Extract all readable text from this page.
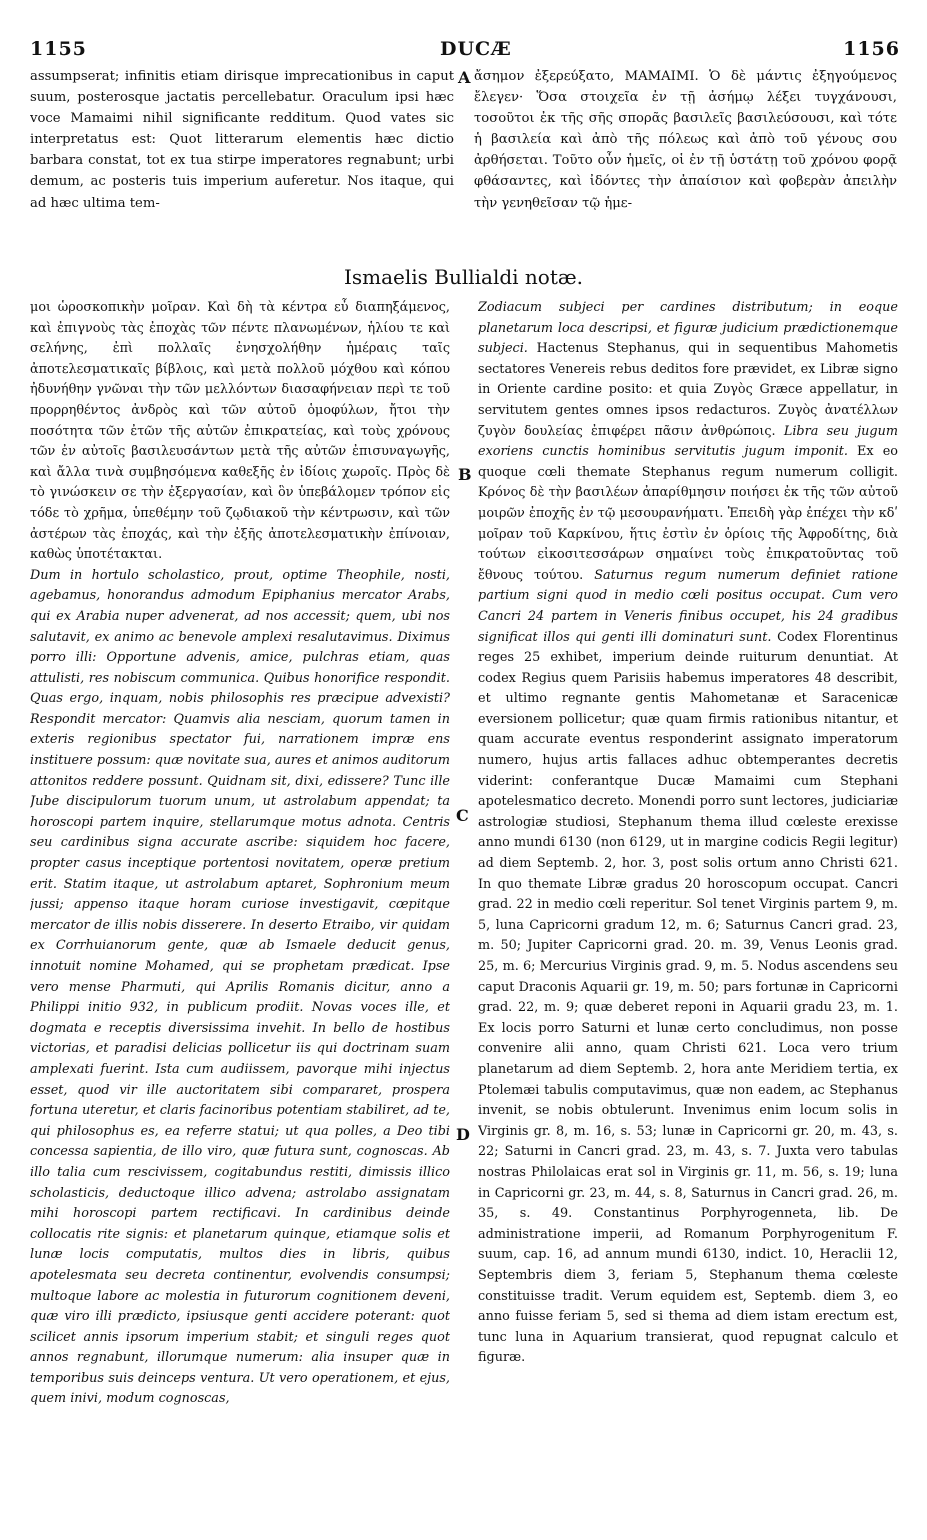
1155	DUCÆ	1156

assumpserat; infinitis etiam dirisque imprecationibus in caput suum, posterosque jactatis percellebatur. Oraculum ipsi hæc voce Mamaimi nihil significante redditum. Quod vates sic interpretatus est: Quot litterarum elementis hæc dictio barbara constat, tot ex tua stirpe imperatores regnabunt; urbi demum, ac posteris tuis imperium auferetur. Nos itaque, qui ad hæc ultima tem-

A ἄσημον ἐξερεύξατο, ΜΑΜΑΙΜΙ. Ὁ δὲ μάντις ἐξηγούμενος ἔλεγεν· Ὅσα στοιχεῖα ἐν τῇ ἀσήμῳ λέξει τυγχάνουσι, τοσοῦτοι ἐκ τῆς σῆς σπορᾶς βασιλεῖς βασιλεύσουσι, καὶ τότε ἡ βασιλεία καὶ ἀπὸ τῆς πόλεως καὶ ἀπὸ τοῦ γένους σου ἀρθήσεται. Τοῦτο οὖν ἡμεῖς, οἱ ἐν τῇ ὑστάτῃ τοῦ χρόνου φορᾷ φθάσαντες, καὶ ἰδόντες τὴν ἀπαίσιον καὶ φοβερὰν ἀπειλὴν τὴν γενηθεῖσαν τῷ ἡμε-

Ismaelis Bullialdi notæ.

μοι ὡροσκοπικὴν μοῖραν. Καὶ δὴ τὰ κέντρα εὖ διαπηξάμενος, καὶ ἐπιγνοὺς τὰς ἐποχὰς τῶν πέντε πλανωμένων, ἡλίου τε καὶ σελήνης, ἐπὶ πολλαῖς ἐνησχολήθην ἡμέραις ταῖς ἀποτελεσματικαῖς βίβλοις, καὶ μετὰ πολλοῦ μόχθου καὶ κόπου ἠδυνήθην γνῶναι τὴν τῶν μελλόντων διασαφήνειαν περὶ τε τοῦ προρρηθέντος ἀνδρὸς καὶ τῶν αὐτοῦ ὁμοφύλων, ἤτοι τὴν ποσότητα τῶν ἐτῶν τῆς αὐτῶν ἐπικρατείας, καὶ τοὺς χρόνους τῶν ἐν αὐτοῖς βασιλευσάντων μετὰ τῆς αὐτῶν ἐπισυναγωγῆς, καὶ ἄλλα τινὰ συμβησόμενα καθεξῆς ἐν ἰδίοις χωροῖς. Πρὸς δὲ τὸ γινώσκειν σε τὴν ἐξεργασίαν, καὶ ὃν ὑπεβάλομεν τρόπον εἰς τόδε τὸ χρῆμα, ὑπεθέμην τοῦ ζῳδιακοῦ τὴν κέντρωσιν, καὶ τῶν ἀστέρων τὰς ἐποχάς, καὶ τὴν ἐξῆς ἀποτελεσματικὴν ἐπίνοιαν, καθὼς ὑποτέτακται.

Dum in hortulo scholastico, prout, optime Theophile, nosti, agebamus, honorandus admodum Epiphanius mercator Arabs, qui ex Arabia nuper advenerat, ad nos accessit; quem, ubi nos salutavit, ex animo ac benevole amplexi resalutavimus. Diximus porro illi: Opportune advenis, amice, pulchras etiam, quas attulisti, res nobiscum communica. Quibus honorifice respondit. Quas ergo, inquam, nobis philosophis res præcipue advexisti? Respondit mercator: Quamvis alia nesciam, quorum tamen in exteris regionibus spectator fui, narrationem impræ ens instituere possum: quæ novitate sua, aures et animos auditorum attonitos reddere possunt. Quidnam sit, dixi, edissere? Tunc ille Jube discipulorum tuorum unum, ut astrolabum appendat; ta horoscopi partem inquire, stellarumque motus adnota. Centris seu cardinibus signa accurate ascribe: siquidem hoc facere, propter casus inceptique portentosi novitatem, operæ pretium erit. Statim itaque, ut astrolabum aptaret, Sophronium meum jussi; appenso itaque horam curiose investigavit, cœpitque mercator de illis nobis disserere. In deserto Etraibo, vir quidam ex Corrhuianorum gente, quæ ab Ismaele deducit genus, innotuit nomine Mohamed, qui se prophetam prædicat. Ipse vero mense Pharmuti, qui Aprilis Romanis dicitur, anno a Philippi initio 932, in publicum prodiit. Novas voces ille, et dogmata e receptis diversissima invehit. In bello de hostibus victorias, et paradisi delicias pollicetur iis qui doctrinam suam amplexati fuerint. Ista cum audiissem, pavorque mihi injectus esset, quod vir ille auctoritatem sibi compararet, prospera fortuna uteretur, et claris facinoribus potentiam stabiliret, ad te, qui philosophus es, ea referre statui; ut qua polles, a Deo tibi concessa sapientia, de illo viro, quæ futura sunt, cognoscas. Ab illo talia cum rescivissem, cogitabundus restiti, dimissis illico scholasticis, deductoque illico advena; astrolabo assignatam mihi horoscopi partem rectificavi. In cardinibus deinde collocatis rite signis: et planetarum quinque, etiamque solis et lunæ locis computatis, multos dies in libris, quibus apotelesmata seu decreta continentur, evolvendis consumpsi; multoque labore ac molestia in futurorum cognitionem deveni, quæ viro illi prædicto, ipsiusque genti accidere poterant: quot scilicet annis ipsorum imperium stabit; et singuli reges quot annos regnabunt, illorumque numerum: alia insuper quæ in temporibus suis deinceps ventura. Ut vero operationem, et ejus, quem inivi, modum cognoscas,

B
C
D

Zodiacum subjeci per cardines distributum; in eoque planetarum loca descripsi, et figuræ judicium prædictionemque subjeci. Hactenus Stephanus, qui in sequentibus Mahometis sectatores Venereis rebus deditos fore prævidet, ex Libræ signo in Oriente cardine posito: et quia Ζυγὸς Græce appellatur, in servitutem gentes omnes ipsos redacturos. Ζυγὸς ἀνατέλλων ζυγὸν δουλείας ἐπιφέρει πᾶσιν ἀνθρώποις. Libra seu jugum exoriens cunctis hominibus servitutis jugum imponit. Ex eo quoque cœli themate Stephanus regum numerum colligit. Κρόνος δὲ τὴν βασιλέων ἀπαρίθμησιν ποιήσει ἐκ τῆς τῶν αὐτοῦ μοιρῶν ἐποχῆς ἐν τῷ μεσουρανήματι. Ἐπειδὴ γὰρ ἐπέχει τὴν κδʹ μοῖραν τοῦ Καρκίνου, ἥτις ἐστὶν ἐν ὁρίοις τῆς Ἀφροδίτης, διὰ τούτων εἰκοσιτεσσάρων σημαίνει τοὺς ἐπικρατοῦντας τοῦ ἔθνους τούτου. Saturnus regum numerum definiet ratione partium signi quod in medio cœli positus occupat. Cum vero Cancri 24 partem in Veneris finibus occupet, his 24 gradibus significat illos qui genti illi dominaturi sunt. Codex Florentinus reges 25 exhibet, imperium deinde ruiturum denuntiat. At codex Regius quem Parisiis habemus imperatores 48 describit, et ultimo regnante gentis Mahometanæ et Saracenicæ eversionem pollicetur; quæ quam firmis rationibus nitantur, et quam accurate eventus responderint assignato imperatorum numero, hujus artis fallaces adhuc obtemperantes decretis viderint: conferantque Ducæ Mamaimi cum Stephani apotelesmatico decreto. Monendi porro sunt lectores, judiciariæ astrologiæ studiosi, Stephanum thema illud cœleste erexisse anno mundi 6130 (non 6129, ut in margine codicis Regii legitur) ad diem Septemb. 2, hor. 3, post solis ortum anno Christi 621. In quo themate Libræ gradus 20 horoscopum occupat. Cancri grad. 22 in medio cœli reperitur. Sol tenet Virginis partem 9, m. 5, luna Capricorni gradum 12, m. 6; Saturnus Cancri grad. 23, m. 50; Jupiter Capricorni grad. 20. m. 39, Venus Leonis grad. 25, m. 6; Mercurius Virginis grad. 9, m. 5. Nodus ascendens seu caput Draconis Aquarii gr. 19, m. 50; pars fortunæ in Capricorni grad. 22, m. 9; quæ deberet reponi in Aquarii gradu 23, m. 1. Ex locis porro Saturni et lunæ certo concludimus, non posse convenire alii anno, quam Christi 621. Loca vero trium planetarum ad diem Septemb. 2, hora ante Meridiem tertia, ex Ptolemæi tabulis computavimus, quæ non eadem, ac Stephanus invenit, se nobis obtulerunt. Invenimus enim locum solis in Virginis gr. 8, m. 16, s. 53; lunæ in Capricorni gr. 20, m. 43, s. 22; Saturni in Cancri grad. 23, m. 43, s. 7. Juxta vero tabulas nostras Philolaicas erat sol in Virginis gr. 11, m. 56, s. 19; luna in Capricorni gr. 23, m. 44, s. 8, Saturnus in Cancri grad. 26, m. 35, s. 49. Constantinus Porphyrogenneta, lib. De administratione imperii, ad Romanum Porphyrogenitum F. suum, cap. 16, ad annum mundi 6130, indict. 10, Heraclii 12, Septembris diem 3, feriam 5, Stephanum thema cœleste constituisse tradit. Verum equidem est, Septemb. diem 3, eo anno fuisse feriam 5, sed si thema ad diem istam erectum est, tunc luna in Aquarium transierat, quod repugnat calculo et figuræ.
